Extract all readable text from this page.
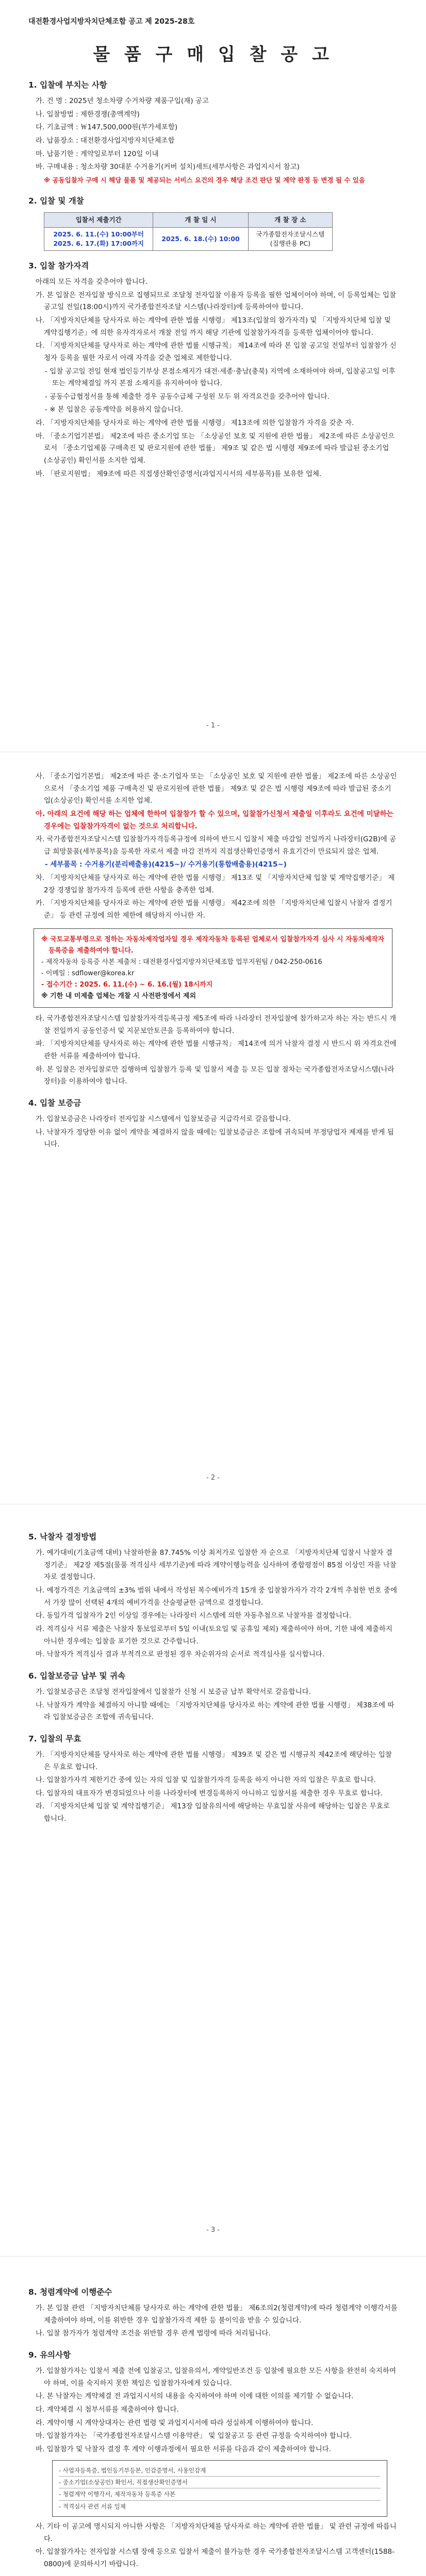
대전환경사업지방자치단체조합 공고 제 2025-28호
물 품 구 매 입 찰 공 고
1. 입찰에 부치는 사항

가. 건 명 : 2025년 청소차량 수거차량 제품구입(재) 공고

나. 입찰방법 : 제한경쟁(총액계약)

다. 기초금액 : ￦147,500,000원(부가세포함)

라. 납품장소 : 대전환경사업지방자치단체조합

마. 납품기한 : 계약일로부터 120일 이내

바. 구매내용 : 청소차량 30대분 수거용기(커버 설치)세트(세부사항은 과업지시서 참고)

※ 공동입찰자 구매 시 해당 물품 및 제공되는 서비스 요건의 경우 해당 조건 판단 및 계약 판정 등 변경 될 수 있음

2. 입찰 및 개찰
입찰서 제출기간	개 찰 일 시	개 찰 장 소
2025. 6. 11.(수) 10:00부터
2025. 6. 17.(화) 17:00까지	2025. 6. 18.(수) 10:00	국가종합전자조달시스템
(집행관용 PC)
3. 입찰 참가자격

아래의 모든 자격을 갖추어야 합니다.

가. 본 입찰은 전자입찰 방식으로 집행되므로 조달청 전자입찰 이용자 등록을 필한 업체이어야 하며, 이 등록업체는 입찰공고일 전일(18:00시)까지 국가종합전자조달 시스템(나라장터)에 등록하여야 합니다.

나. 「지방자치단체를 당사자로 하는 계약에 관한 법률 시행령」 제13조(입찰의 참가자격) 및 「지방자치단체 입찰 및 계약집행기준」에 의한 유자격자로서 개찰 전일 까지 해당 기관에 입찰참가자격을 등록한 업체이어야 합니다.

다. 「지방자치단체를 당사자로 하는 계약에 관한 법률 시행규칙」 제14조에 따라 본 입찰 공고일 전일부터 입찰참가 신청자 등록을 필한 자로서 아래 자격을 갖춘 업체로 제한합니다.

- 입찰 공고일 전일 현재 법인등기부상 본점소재지가 대전·세종·충남(충북) 지역에 소재하여야 하며, 입찰공고일 이후 또는 계약체결일 까지 본점 소재지를 유지하여야 합니다.

- 공동수급협정서를 통해 제출한 경우 공동수급체 구성원 모두 위 자격요건을 갖추어야 합니다.

- ※ 본 입찰은 공동계약을 허용하지 않습니다.

라. 「지방자치단체를 당사자로 하는 계약에 관한 법률 시행령」 제13조에 의한 입찰참가 자격을 갖춘 자.

마. 「중소기업기본법」 제2조에 따른 중소기업 또는 「소상공인 보호 및 지원에 관한 법률」 제2조에 따른 소상공인으로서 「중소기업제품 구매촉진 및 판로지원에 관한 법률」 제9조 및 같은 법 시행령 제9조에 따라 발급된 중소기업(소상공인) 확인서를 소지한 업체.

바. 「판로지원법」 제9조에 따른 직접생산확인증명서(과업지시서의 세부품목)를 보유한 업체.

- 1 -

사. 「중소기업기본법」 제2조에 따른 중·소기업자 또는 「소상공인 보호 및 지원에 관한 법률」 제2조에 따른 소상공인으로서 「중소기업 제품 구매촉진 및 판로지원에 관한 법률」 제9조 및 같은 법 시행령 제9조에 따라 발급된 중소기업(소상공인) 확인서를 소지한 업체.

아. 아래의 요건에 해당 하는 업체에 한하여 입찰참가 할 수 있으며, 입찰참가신청서 제출일 이후라도 요건에 미달하는 경우에는 입찰참가자격이 없는 것으로 처리합니다.

자. 국가종합전자조달시스템 입찰참가자격등록규정에 의하여 반드시 입찰서 제출 마감일 전일까지 나라장터(G2B)에 공급 희망물품(세부품목)을 등록한 자로서 제출 마감 전까지 직접생산확인증명서 유효기간이 만료되지 않은 업체.

- 세부품목 : 수거용기(분리배출용)(4215~)/ 수거용기(통합배출용)(4215~)

차. 「지방자치단체를 당사자로 하는 계약에 관한 법률 시행령」 제13조 및 「지방자치단체 입찰 및 계약집행기준」 제2장 경쟁입찰 참가자격 등록에 관한 사항을 충족한 업체.

카. 「지방자치단체를 당사자로 하는 계약에 관한 법률 시행령」 제42조에 의한 「지방자치단체 입찰시 낙찰자 결정기준」 등 관련 규정에 의한 제한에 해당하지 아니한 자.

※ 국토교통부령으로 정하는 자동차제작업자일 경우 제작자동차 등록된 업체로서 입찰참가자격 심사 시 자동차제작자 등록증을 제출하여야 합니다.

- 제작자동차 등록증 사본 제출처 : 대전환경사업지방자치단체조합 업무지원팀 / 042-250-0616

- 이메일 : sdflower@korea.kr

- 접수기간 : 2025. 6. 11.(수) ~ 6. 16.(월) 18시까지

※ 기한 내 미제출 업체는 개찰 시 사전판정에서 제외

타. 국가종합전자조달시스템 입찰참가자격등록규정 제5조에 따라 나라장터 전자입찰에 참가하고자 하는 자는 반드시 개찰 전일까지 공동인증서 및 지문보안토큰을 등록하여야 합니다.

파. 「지방자치단체를 당사자로 하는 계약에 관한 법률 시행규칙」 제14조에 의거 낙찰자 결정 시 반드시 위 자격요건에 관한 서류를 제출하여야 합니다.

하. 본 입찰은 전자입찰로만 집행하며 입찰참가 등록 및 입찰서 제출 등 모든 입찰 절차는 국가종합전자조달시스템(나라장터)을 이용하여야 합니다.

4. 입찰 보증금

가. 입찰보증금은 나라장터 전자입찰 시스템에서 입찰보증금 지급각서로 갈음합니다.

나. 낙찰자가 정당한 이유 없이 계약을 체결하지 않을 때에는 입찰보증금은 조합에 귀속되며 부정당업자 제재를 받게 됩니다.

- 2 -
5. 낙찰자 결정방법

가. 예가대비(기초금액 대비) 낙찰하한율 87.745% 이상 최저가로 입찰한 자 순으로 「지방자치단체 입찰시 낙찰자 결정기준」 제2장 제5절(물품 적격심사 세부기준)에 따라 계약이행능력을 심사하여 종합평점이 85점 이상인 자를 낙찰자로 결정합니다.

나. 예정가격은 기초금액의 ±3% 범위 내에서 작성된 복수예비가격 15개 중 입찰참가자가 각각 2개씩 추첨한 번호 중에서 가장 많이 선택된 4개의 예비가격을 산술평균한 금액으로 결정합니다.

다. 동일가격 입찰자가 2인 이상일 경우에는 나라장터 시스템에 의한 자동추첨으로 낙찰자를 결정합니다.

라. 적격심사 서류 제출은 낙찰자 통보일로부터 5일 이내(토요일 및 공휴일 제외) 제출하여야 하며, 기한 내에 제출하지 아니한 경우에는 입찰을 포기한 것으로 간주합니다.

마. 낙찰자가 적격심사 결과 부적격으로 판정된 경우 차순위자의 순서로 적격심사를 실시합니다.

6. 입찰보증금 납부 및 귀속

가. 입찰보증금은 조달청 전자입찰에서 입찰참가 신청 시 보증금 납부 확약서로 갈음합니다.

나. 낙찰자가 계약을 체결하지 아니할 때에는 「지방자치단체를 당사자로 하는 계약에 관한 법률 시행령」 제38조에 따라 입찰보증금은 조합에 귀속됩니다.

7. 입찰의 무효

가. 「지방자치단체를 당사자로 하는 계약에 관한 법률 시행령」 제39조 및 같은 법 시행규칙 제42조에 해당하는 입찰은 무효로 합니다.

나. 입찰참가자격 제한기간 중에 있는 자의 입찰 및 입찰참가자격 등록을 하지 아니한 자의 입찰은 무효로 합니다.

다. 입찰자의 대표자가 변경되었으나 이를 나라장터에 변경등록하지 아니하고 입찰서를 제출한 경우 무효로 합니다.

라. 「지방자치단체 입찰 및 계약집행기준」 제13장 입찰유의서에 해당하는 무효입찰 사유에 해당하는 입찰은 무효로 합니다.

- 3 -
8. 청렴계약에 이행준수

가. 본 입찰 관련 「지방자치단체를 당사자로 하는 계약에 관한 법률」 제6조의2(청렴계약)에 따라 청렴계약 이행각서를 제출하여야 하며, 이를 위반한 경우 입찰참가자격 제한 등 불이익을 받을 수 있습니다.

나. 입찰 참가자가 청렴계약 조건을 위반할 경우 관계 법령에 따라 처리됩니다.

9. 유의사항

가. 입찰참가자는 입찰서 제출 전에 입찰공고, 입찰유의서, 계약일반조건 등 입찰에 필요한 모든 사항을 완전히 숙지하여야 하며, 이를 숙지하지 못한 책임은 입찰참가자에게 있습니다.

나. 본 낙찰자는 계약체결 전 과업지시서의 내용을 숙지하여야 하며 이에 대한 이의를 제기할 수 없습니다.

다. 계약체결 시 첨부서류를 제출하여야 합니다.

라. 계약이행 시 계약상대자는 관련 법령 및 과업지시서에 따라 성실하게 이행하여야 합니다.

마. 입찰참가자는 「국가종합전자조달시스템 이용약관」 및 입찰공고 등 관련 규정을 숙지하여야 합니다.

바. 입찰참가 및 낙찰자 결정 후 계약 이행과정에서 필요한 서류를 다음과 같이 제출하여야 합니다.

- 사업자등록증, 법인등기부등본, 인감증명서, 사용인감계
- 중소기업(소상공인) 확인서, 직접생산확인증명서
- 청렴계약 이행각서, 제작자동차 등록증 사본
- 적격심사 관련 서류 일체

사. 기타 이 공고에 명시되지 아니한 사항은 「지방자치단체를 당사자로 하는 계약에 관한 법률」 및 관련 규정에 따릅니다.

아. 입찰참가자는 전자입찰 시스템 장애 등으로 입찰서 제출이 불가능한 경우 국가종합전자조달시스템 고객센터(1588-0800)에 문의하시기 바랍니다.
